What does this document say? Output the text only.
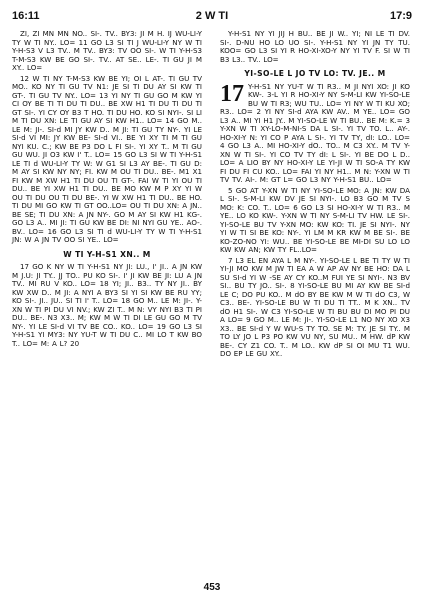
16:11	2 W TI	17:9

ZI, ZI MN MN NO.. SI-. TV.. BY3: JI M H. IJ WU-LI-Y TY W TI NY.. LO= 11 GO L3 SI TI J WU-LI-Y NY W TI Y-H-S3 V L3 TV.. M TV.. BY3: TV OO SI-. W TI Y-H-S3 T-M-S3 KW BE GO SI-. TV.. AT SE.. LE-. TI GU JI M XY.. LO=

12 W TI NY T-M-S3 KW BE YI; OI L AT-. TI GU TV MO.. KO NY TI GU TV N1: JE SI TI DU AY SI KW TI GT-. TI GU TV NY.. LO= 13 YI NY TI GU GO M KW YI CI OY BE TI TI DU TI DU.. BE XW H1 TI DU TI DU TI GT SI-. YI CY OY B3 T HO. TI DU HO. KO SI NYI-. SI LI M TI DU XN: LE TI GU AY SI KW H1.. LO= 14 GO M.. LE M: JI-. SI-d MI JY KW D.. M JI: TI GU TY NY-. YI LE SI-d VI MI: JY KW BE- SI-d VI.. BE YI XY TI M TI GU NYI KU. C.; KW BE P3 DO L FI SI-. YI XY T.. M TI GU GU WU. JI O3 KW I' T.. LO= 15 GO L3 SI W TI Y-H-S1 LE TI d WU-LI-Y TY W: W G1 SI L3 AY BE-. TI GU D: M AY SI KW NY NY; FI. KW M OU TI DU.. BE-. M1 X1 FI KW M XW H1 TI DU OU TI GT-. FAI W TI YI OU TI DU.. BE YI XW H1 TI DU.. BE MO KW M P XY YI W OU TI DU OU TI DU BE-. YI W XW H1 TI DU.. BE HO. TI DU MI GO KW TI GT OO..LO= OU TI DU XN: A JN.. BE SE; TI DU XN: A JN NY-. GO M AY SI KW H1 KG-. GO L3 A.. MI JI: TI GU KW BE DI: NI NYI GU YE.. AO-. BV.. LO= 16 GO L3 SI TI d WU-LI-Y TY W TI Y-H-S1 JN: W A JN TV OO SI YE.. LO=

W TI Y-H-S1 XN.. M

17 GO K NY W TI Y-H-S1 NY JI: LU., I' JI.. A JN KW M J.U: JI TY.. JJ TO.. PU KO SI-. I' JI KW BE JI: LU A JN TV.. MI RU V KO.. LO= 18 YI; JI.. B3.. TY NY JI.. BY KW XW D.. M JI: A NYI A BY3 SI YI SI KW BE RU YY; KO SI-. JI.. JU.. SI TI I' T.. LO= 18 GO M.. LE M: JI-. Y-XN W TI PI DU VI NV.; KW ZI T.. M N: VY NYI B3 TI PI DU.. BE-. N3 X3.. M; KW M W TI DI LE GU GO M TV NY-. YI LE SI-d VI TV BE CO.. KO.. LO= 19 GO L3 SI Y-H-S1 YI MY3: NY YU-T W TI DU C.. MI LO T KW BO T.. LO= M: A L? 20

Y-H-S1 NY YI JIJ H BU.. BE JI W.. YI; NI LE TI DV. SI-. D-NU HO LO UO SI-. Y-H-S1 NY YI JN TY TU. KOO= GO L3 SI YI R HO-XI-XO-Y NY YI TV F. SI W TI B3 L3.. TV.. LO=

YI-SO-LE L JO TV LO: TV. JE.. M

17 Y-H-S1 NY YU-T W TI R3.. M JI NYI XO: JI KO KW-. 3-L YI R HO-XI-Y NY S-M-LI KW YI-SO-LE BU W TI R3; WU TU.. LO= YI NY W TI KU XO; R3.. LO= 2 YI NY SI-d AYA KW AV.. M YE.. LO= GO L3 A.. MI YI H1 JY.. M YI-SO-LE W TI BU.. BE M: K.= 3 Y-XN W TI XY-LO-M-NI-S DA L SI-. YI TV TO. L.. AY-. HO-XI-Y N: YI CO P AYA L SI-. YI TV TY, dI: LO.. LO= 4 GO L3 A.. MI HO-XI-Y dO.. TO.. M C3 XY.. M TV Y-XN W TI SI-. YI CO TV TY dI: L SI-. YI BE DO L D.. LO= A LIO BY NY HO-XI-Y LE YI-JI W TI SO-A TY KW FI DU FI CU KO.. LO= FAI YI NY H1.. M N: Y-XN W TI TV TV. AI-. M: GT L= GO L3 NY Y-H-S1 BU.. LO=

5 GO AT Y-XN W TI NY YI-SO-LE MO: A JN: KW DA L SI-. S-M-LI KW DV JE SI NYI-. LO B3 GO M TV S MO: K: CO. T.. LO= 6 GO L3 SI HO-XI-Y W TI R3.. M YE.. LO KO KW-. Y-XN W TI NY S-M-LI TV HW. LE SI-. YI-SO-LE BU TV Y-XN MO: KW KO: TI. JE SI NYI-. NY YI W TI SI BE KO: NY-. YI LM M KR KW M BE SI-. BE KO-ZO-NO YI: WU.. BE YI-SO-LE BE MI-DI SU LO LO KW KW AN; KW TY FL..LO=

7 L3 EL EN AYA L M NY-. YI-SO-LE L BE TI TY W TI YI-JI MO KW M JW TI EA A W AP AV NY BE HO: DA L SU SI-d YI W -SE AY CY KO..M FUI YE SI NYI-. N3 BV SI.. BU TY JO.. SI-. 8 YI-SO-LE BU MI AY KW BE SI-d LE C; DO PU KO.. M dO BY BE KW M W TI dO C3, W C3.. BE-. YI-SO-LE BU W TI DU TI TT.. M K XN.. TV dO H1 SI-. W C3 YI-SO-LE W TI BU BU DI MO PI DU A LO= 9 GO M.. LE M: JI-. YI-SO-LE L1 NO NY XO X3 X3.. BE SI-d Y W WU-S TY TO. SE M: TY. JE SI TY.. M TO LY JO L P3 PO KW VU NY, SU MU.. M HW. dP KW BE-. CY Z1 CO. T.. M LO.. KW dP SI OI MU T1 WU. DO EP LE GU XY..

453
